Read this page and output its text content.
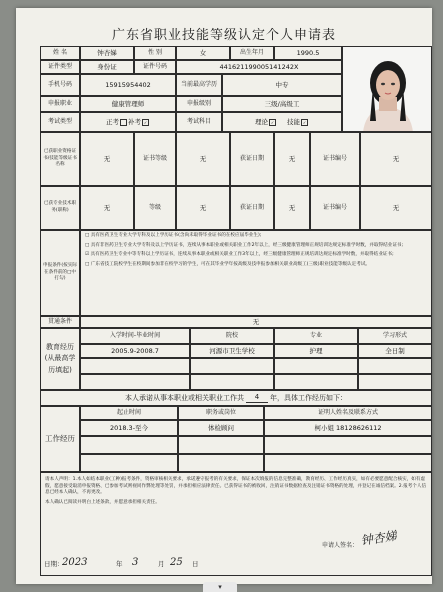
广东省职业技能等级认定个人申请表
姓 名	钟杏娣	性 别	女	出生年月	1990.5
证件类型	身份证	证件号码	441621199005141242X
手机号码	15915954402	当前最高学历	中专
申报职业	健康管理师	申报级别	三级/高级工
考试类型	正考 补考 ✓	考试科目	理论 ✓ 技能 ✓
已获职业资格证书/技能等级证书名称
无	证书等级	无	获证日期	无	证书编号	无
已获专业技术职务(职称)	无	等级	无	获证日期	无	证书编号	无
申报条件(按实际在条件前的□中打勾)
□ 具有医药卫生专业大学专科及以上学历证书(含尚未取得毕业证书的在校应届毕业生);
□ 具有非医药卫生专业大学专科及以上学历证书，连续从事本职业或相关职业工作2年以上，经三级健康管理师正规培训达规定标准学时数，并取得结业证书;
☑ 具有医药卫生专业中等专科以上学历证书，连续从事本职业或相关职业工作3年以上，经三级健康管理师正规培训达规定标准学时数，并取得结业证书;
□ 广东省技工院校学生在校期间参加非在校学习的学生，可在其毕业学年按高级及技申报参加相关职业高级工(三级)职业技能等级认定考试。
贯通条件	无
教育经历(从最高学历填起)
入学时间-毕业时间	院校	专业	学习形式
2005.9-2008.7	河源市卫生学校	护理	全日制
本人承诺从事本职业或相关职业工作共	4	年，具体工作经历如下：
工作经历
起止时间	职务或岗位	证明人姓名及联系方式
2018.3-至今	体检顾问	柯小姐 18128626112
请本人声明：1.本人如结本职业(工种)报考条件，资格审核相关要求，承诺遵守报考的有关要求，保证本次填报的信息完整准确，教育经历、工作经历真实，如有必要愿意配合核实，如有虚假，愿意接受取消申报资格、已参加考试则视同作弊处理等处罚，并承担相应法律责任。已获得证书的被收回，注销证书数据检查及注销证书资格的处理，并登记在诚信档案。2.报考个人信息已经本人确认，不再更改。
本人确认已阅读并明白上述条款，并愿意承担相关责任。
申请人签名： 钟杏娣
日期：
2023	年 3	月 25 日
▾
